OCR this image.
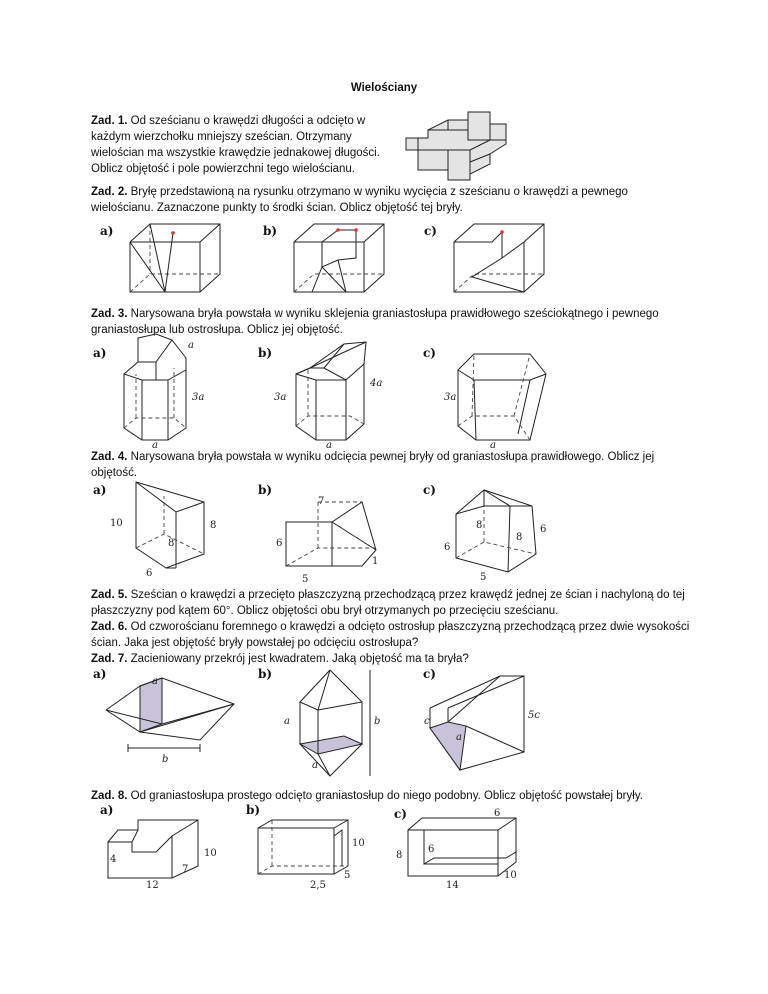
Wielościany
Zad. 1. Od sześcianu o krawędzi długości a odcięto w każdym wierzchołku mniejszy sześcian. Otrzymany wielościan ma wszystkie krawędzie jednakowej długości. Oblicz objętość i pole powierzchni tego wielościanu.
Zad. 2. Bryłę przedstawioną na rysunku otrzymano w wyniku wycięcia z sześcianu o krawędzi a pewnego wielościanu. Zaznaczone punkty to środki ścian. Oblicz objętość tej bryły.
a)	b)	c)
Zad. 3. Narysowana bryła powstała w wyniku sklejenia graniastosłupa prawidłowego sześciokątnego i pewnego graniastosłupa lub ostrosłupa. Oblicz jej objętość.
a)	b)	c)
a
3a
a
4a
3a
a
3a
a
Zad. 4. Narysowana bryła powstała w wyniku odcięcia pewnej bryły od graniastosłupa prawidłowego. Oblicz jej objętość.
a)	b)	c)
10	8
8
6
7
6
1
5
8
8
6
6
5
Zad. 5. Sześcian o krawędzi a przecięto płaszczyzną przechodzącą przez krawędź jednej ze ścian i nachyloną do tej płaszczyzny pod kątem 60°. Oblicz objętości obu brył otrzymanych po przecięciu sześcianu.
Zad. 6. Od czworościanu foremnego o krawędzi a odcięto ostrosłup płaszczyzną przechodzącą przez dwie wysokości ścian. Jaka jest objętość bryły powstałej po odcięciu ostrosłupa?
Zad. 7. Zacieniowany przekrój jest kwadratem. Jaką objętość ma ta bryła?
a)	b)	c)
a
b
a	b
a
c
5c
a
Zad. 8. Od graniastosłupa prostego odcięto graniastosłup do niego podobny. Oblicz objętość powstałej bryły.
a)	b)	c)
4
10
7
12
10
2,5
5
6
8
6
14
10
